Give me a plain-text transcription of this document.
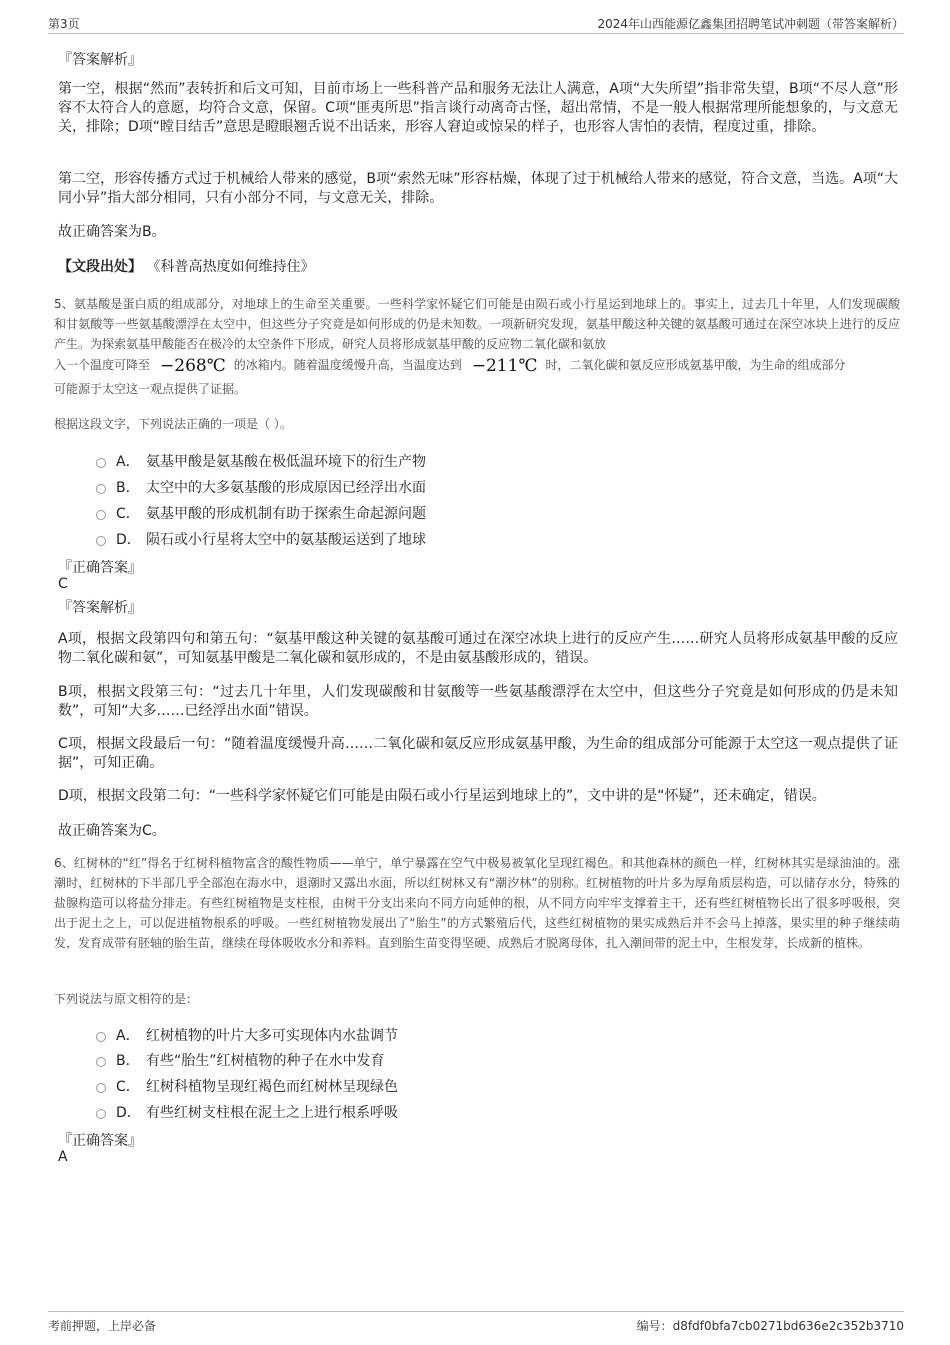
第3页	2024年山西能源亿鑫集团招聘笔试冲刺题（带答案解析）
『答案解析』

第一空，根据“然而”表转折和后文可知，目前市场上一些科普产品和服务无法让人满意，A项“大失所望”指非常失望，B项“不尽人意”形容不太符合人的意愿，均符合文意，保留。C项“匪夷所思”指言谈行动离奇古怪，超出常情，不是一般人根据常理所能想象的，与文意无关，排除；D项“瞠目结舌”意思是瞪眼翘舌说不出话来，形容人窘迫或惊呆的样子，也形容人害怕的表情，程度过重，排除。

第二空，形容传播方式过于机械给人带来的感觉，B项“索然无味”形容枯燥，体现了过于机械给人带来的感觉，符合文意，当选。A项“大同小异”指大部分相同，只有小部分不同，与文意无关，排除。

故正确答案为B。
【文段出处】 《科普高热度如何维持住》

5、氨基酸是蛋白质的组成部分，对地球上的生命至关重要。一些科学家怀疑它们可能是由陨石或小行星运到地球上的。事实上，过去几十年里，人们发现碳酸和甘氨酸等一些氨基酸漂浮在太空中，但这些分子究竟是如何形成的仍是未知数。一项新研究发现，氨基甲酸这种关键的氨基酸可通过在深空冰块上进行的反应产生。为探索氨基甲酸能否在极冷的太空条件下形成，研究人员将形成氨基甲酸的反应物二氧化碳和氨放

入一个温度可降至 −268℃ 的冰箱内。随着温度缓慢升高，当温度达到 −211℃ 时，二氧化碳和氨反应形成氨基甲酸，为生命的组成部分

可能源于太空这一观点提供了证据。

根据这段文字，下列说法正确的一项是（ ）。
A． 氨基甲酸是氨基酸在极低温环境下的衍生产物
B． 太空中的大多氨基酸的形成原因已经浮出水面
C． 氨基甲酸的形成机制有助于探索生命起源问题
D． 陨石或小行星将太空中的氨基酸运送到了地球
『正确答案』
C
『答案解析』

A项，根据文段第四句和第五句：“氨基甲酸这种关键的氨基酸可通过在深空冰块上进行的反应产生……研究人员将形成氨基甲酸的反应物二氧化碳和氨”，可知氨基甲酸是二氧化碳和氨形成的，不是由氨基酸形成的，错误。

B项，根据文段第三句：“过去几十年里，人们发现碳酸和甘氨酸等一些氨基酸漂浮在太空中，但这些分子究竟是如何形成的仍是未知数”，可知“大多……已经浮出水面”错误。

C项，根据文段最后一句：“随着温度缓慢升高……二氧化碳和氨反应形成氨基甲酸，为生命的组成部分可能源于太空这一观点提供了证据”，可知正确。

D项，根据文段第二句：“一些科学家怀疑它们可能是由陨石或小行星运到地球上的”，文中讲的是“怀疑”，还未确定，错误。

故正确答案为C。

6、红树林的“红”得名于红树科植物富含的酸性物质——单宁，单宁暴露在空气中极易被氧化呈现红褐色。和其他森林的颜色一样，红树林其实是绿油油的。涨潮时，红树林的下半部几乎全部泡在海水中，退潮时又露出水面，所以红树林又有“潮汐林”的别称。红树植物的叶片多为厚角质层构造，可以储存水分，特殊的盐腺构造可以将盐分排走。有些红树植物是支柱根，由树干分支出来向不同方向延伸的根，从不同方向牢牢支撑着主干，还有些红树植物长出了很多呼吸根，突出于泥土之上，可以促进植物根系的呼吸。一些红树植物发展出了“胎生”的方式繁殖后代，这些红树植物的果实成熟后并不会马上掉落，果实里的种子继续萌发，发育成带有胚轴的胎生苗，继续在母体吸收水分和养料。直到胎生苗变得坚硬、成熟后才脱离母体，扎入潮间带的泥土中，生根发芽，长成新的植株。

下列说法与原文相符的是：
A． 红树植物的叶片大多可实现体内水盐调节
B． 有些“胎生”红树植物的种子在水中发育
C． 红树科植物呈现红褐色而红树林呈现绿色
D． 有些红树支柱根在泥土之上进行根系呼吸
『正确答案』
A
考前押题，上岸必备	编号：d8fdf0bfa7cb0271bd636e2c352b3710
